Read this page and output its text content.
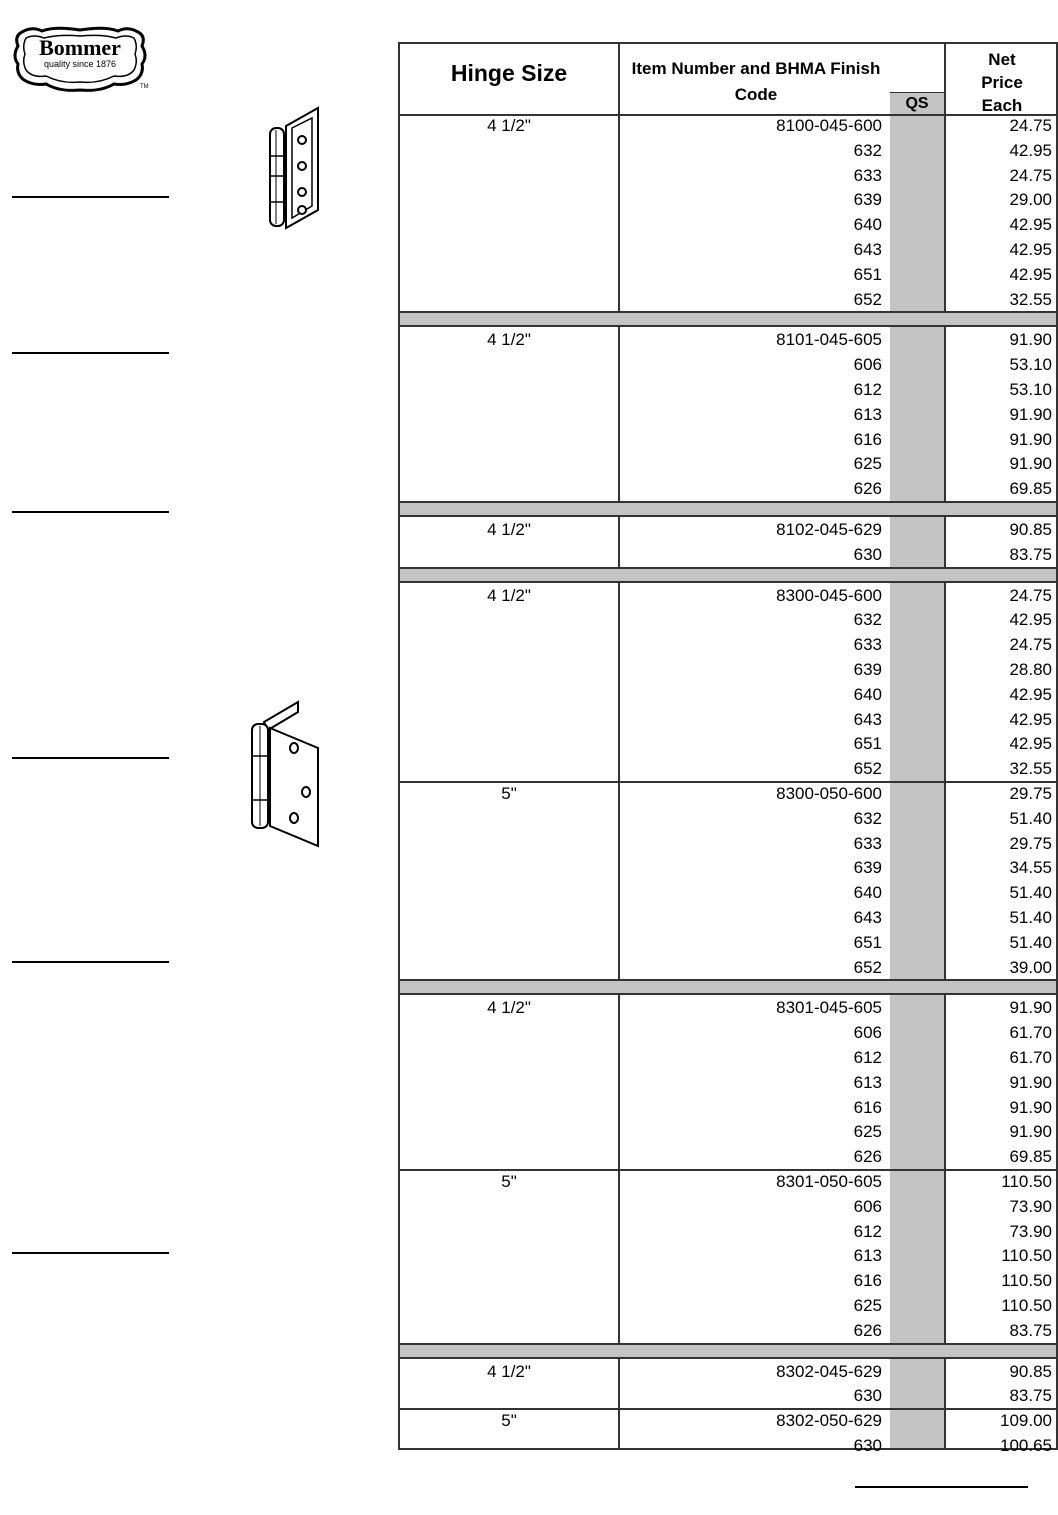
Bommer
quality since 1876
TM
Hinge Size	Item Number and BHMA Finish
Code	QS
Net
Price
Each
4 1/2"	8100-045-600	24.75
632	42.95
633	24.75
639	29.00
640	42.95
643	42.95
651	42.95
652	32.55
4 1/2"	8101-045-605	91.90
606	53.10
612	53.10
613	91.90
616	91.90
625	91.90
626	69.85
4 1/2"	8102-045-629	90.85
630	83.75
4 1/2"	8300-045-600	24.75
632	42.95
633	24.75
639	28.80
640	42.95
643	42.95
651	42.95
652	32.55
5"	8300-050-600	29.75
632	51.40
633	29.75
639	34.55
640	51.40
643	51.40
651	51.40
652	39.00
4 1/2"	8301-045-605	91.90
606	61.70
612	61.70
613	91.90
616	91.90
625	91.90
626	69.85
5"	8301-050-605	110.50
606	73.90
612	73.90
613	110.50
616	110.50
625	110.50
626	83.75
4 1/2"	8302-045-629	90.85
630	83.75
5"	8302-050-629	109.00
630	100.65
